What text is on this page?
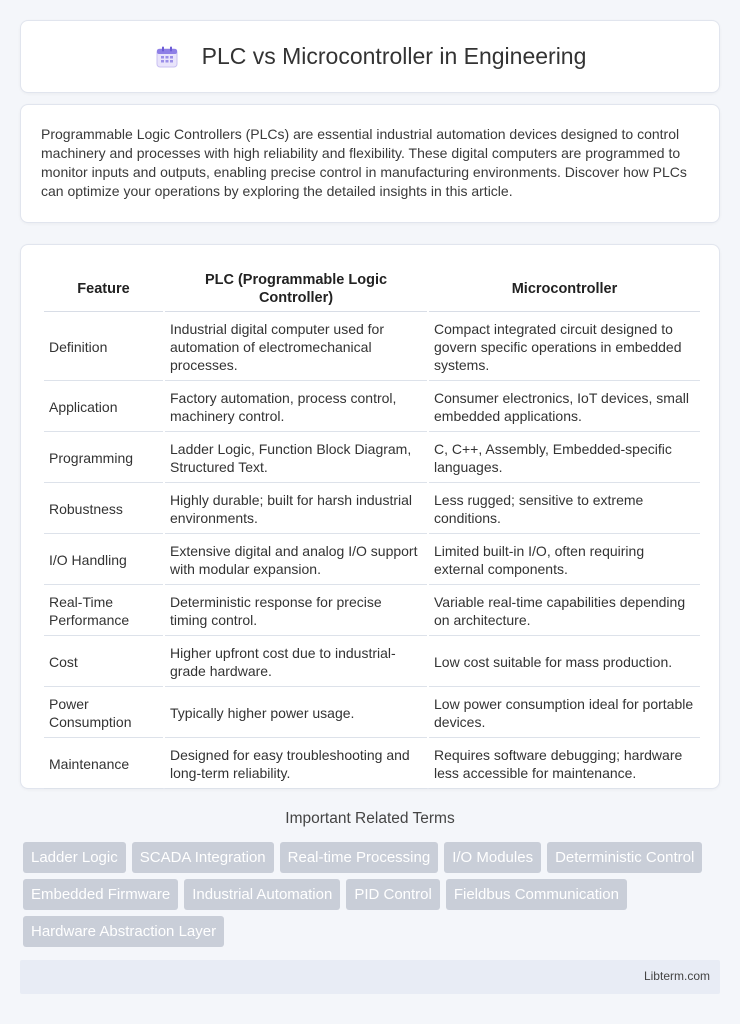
PLC vs Microcontroller in Engineering

Programmable Logic Controllers (PLCs) are essential industrial automation devices designed to control machinery and processes with high reliability and flexibility. These digital computers are programmed to monitor inputs and outputs, enabling precise control in manufacturing environments. Discover how PLCs can optimize your operations by exploring the detailed insights in this article.

Feature	PLC (Programmable Logic Controller)	Microcontroller
Definition	Industrial digital computer used for automation of electromechanical processes.	Compact integrated circuit designed to govern specific operations in embedded systems.
Application	Factory automation, process control, machinery control.	Consumer electronics, IoT devices, small embedded applications.
Programming	Ladder Logic, Function Block Diagram, Structured Text.	C, C++, Assembly, Embedded-specific languages.
Robustness	Highly durable; built for harsh industrial environments.	Less rugged; sensitive to extreme conditions.
I/O Handling	Extensive digital and analog I/O support with modular expansion.	Limited built-in I/O, often requiring external components.
Real-Time Performance	Deterministic response for precise timing control.	Variable real-time capabilities depending on architecture.
Cost	Higher upfront cost due to industrial-grade hardware.	Low cost suitable for mass production.
Power Consumption	Typically higher power usage.	Low power consumption ideal for portable devices.
Maintenance	Designed for easy troubleshooting and long-term reliability.	Requires software debugging; hardware less accessible for maintenance.
Important Related Terms
Ladder Logic	SCADA Integration	Real-time Processing	I/O Modules	Deterministic Control
Embedded Firmware	Industrial Automation	PID Control	Fieldbus Communication
Hardware Abstraction Layer
Libterm.com
